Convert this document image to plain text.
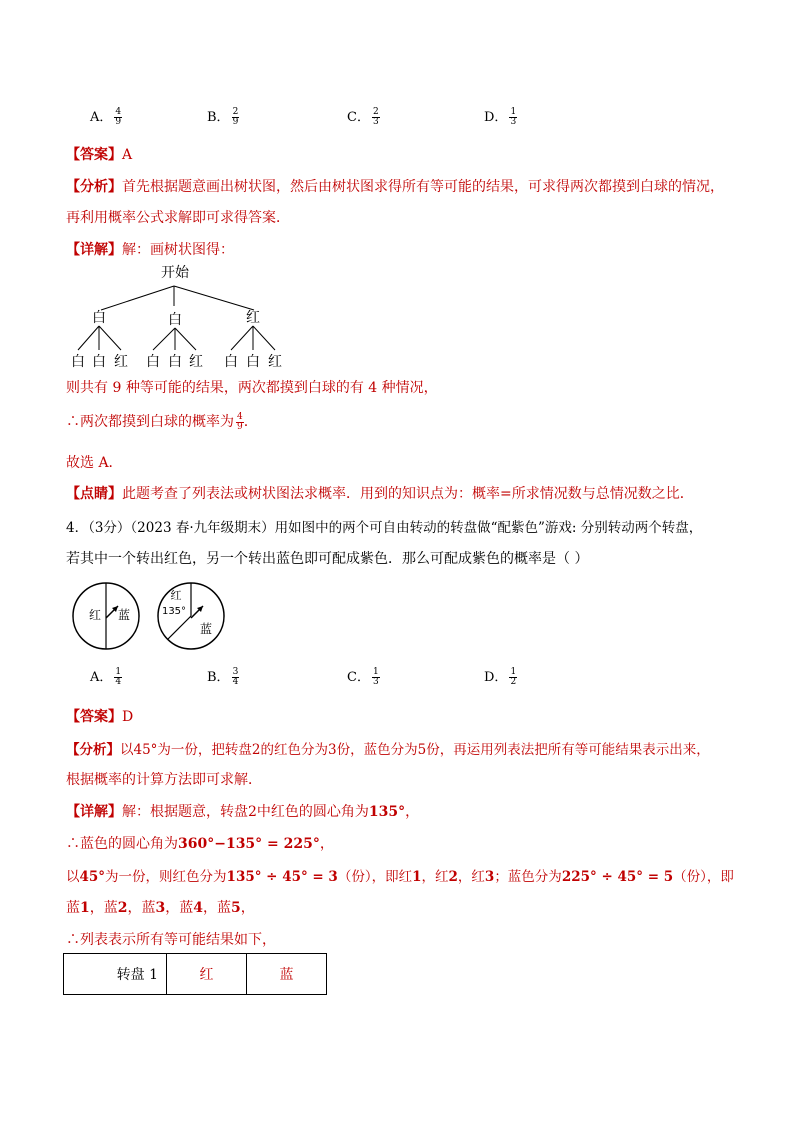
A． $\frac{4}{9}$	B． $\frac{2}{9}$	C． $\frac{2}{3}$	D． $\frac{1}{3}$
【答案】A
【分析】首先根据题意画出树状图，然后由树状图求得所有等可能的结果，可求得两次都摸到白球的情况，
再利用概率公式求解即可求得答案．
【详解】解：画树状图得：
开始
白	白	红
白 白 红 白 白 红 白 白 红
则共有 9 种等可能的结果，两次都摸到白球的有 4 种情况，
∴两次都摸到白球的概率为 $\frac{4}{9}$ .
故选 A．
【点睛】此题考查了列表法或树状图法求概率．用到的知识点为：概率=所求情况数与总情况数之比．
4．（3分）（2023 春·九年级期末）用如图中的两个可自由转动的转盘做“配紫色”游戏: 分别转动两个转盘，
若其中一个转出红色，另一个转出蓝色即可配成紫色．那么可配成紫色的概率是（ ）
红 蓝
红
135°
蓝
A． $\frac{1}{4}$	B． $\frac{3}{4}$	C． $\frac{1}{3}$	D． $\frac{1}{2}$
【答案】D
【分析】以45°为一份，把转盘2的红色分为3份，蓝色分为5份，再运用列表法把所有等可能结果表示出来，
根据概率的计算方法即可求解．
【详解】解：根据题意，转盘2中红色的圆心角为135°，
∴蓝色的圆心角为360°−135° = 225°，
以45°为一份，则红色分为135° ÷ 45° = 3（份），即红1，红2，红3；蓝色分为225° ÷ 45° = 5（份），即
蓝1，蓝2，蓝3，蓝4，蓝5，
∴列表表示所有等可能结果如下，
转盘 1	红	蓝
